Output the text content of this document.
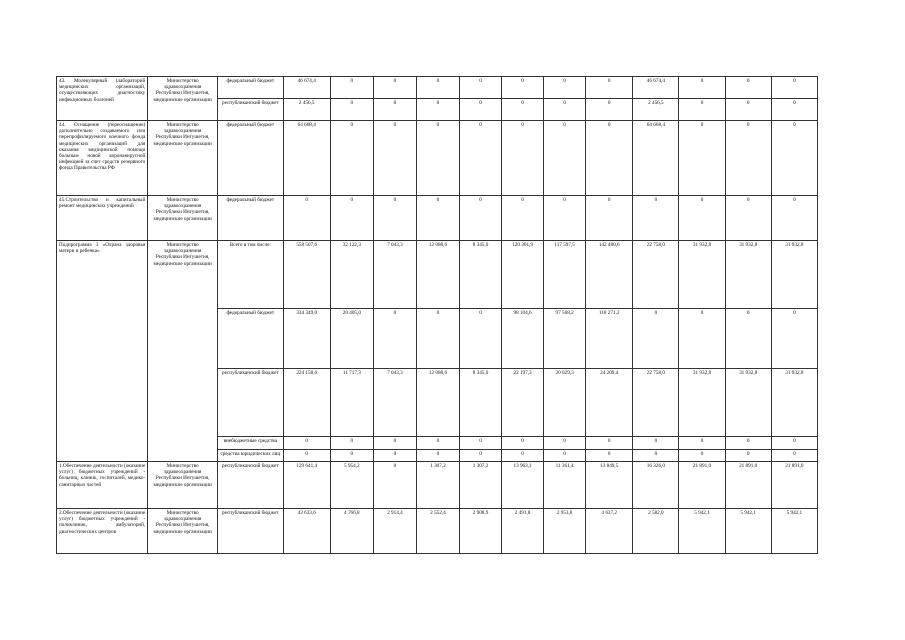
43. Молекулярный (лабораторий медицинских организаций, осуществляющих диагностику инфекционных болезней	Министерство здравоохранения Республики Ингушетия, медицинские организации	федеральный бюджет	46 674,4	0	0	0	0	0	0	0	46 674,4	0	0	0
		республиканский бюджет	2 456,5	0	0	0	0	0	0	0	2 456,5	0	0	0
44. Оснащение (переоснащение) дополнительно создаваемого или перепрофилируемого коечного фонда медицинских организаций для оказания медицинской помощи больным новой коронавирусной инфекцией за счет средств резервного фонда Правительства РФ	Министерство здравоохранения Республики Ингушетия, медицинские организации	федеральный бюджет	64 668,4	0	0	0	0	0	0	0	64 668,4	0	0	0
45.Строительство и капитальный ремонт медицинских учреждений	Министерство здравоохранения Республики Ингушетия, медицинские организации	федеральный бюджет	0	0	0	0	0	0	0	0	0	0	0	0
Подпрограмма 3 «Охрана здоровья матери и ребенка»	Министерство здравоохранения Республики Ингушетия, медицинские организации	Всего в том числе:	558 507,6	32 122,3	7 043,3	12 088,6	8 345,0	120 301,9	117 597,5	142 480,6	22 758,0	31 932,8	31 932,8	31 932,8
		федеральный бюджет	334 349,0	20 405,0	0	0	0	98 104,6	97 568,2	118 271,2	0	0	0	0
		республиканский бюджет	224 158,6	11 717,3	7 043,3	12 088,6	8 345,0	22 197,3	20 029,3	24 209,4	22 758,0	31 932,8	31 932,8	31 932,8
		внебюджетные средства	0	0	0	0	0	0	0	0	0	0	0	0
		средства юридических лиц	0	0	0	0	0	0	0	0	0	0	0	0
1.Обеспечение деятельности (оказание услуг) бюджетных учреждений - больниц, клиник, госпиталей, медико-санитарных частей	Министерство здравоохранения Республики Ингушетия, медицинские организации	республиканский бюджет	129 641,4	5 954,2	0	1 307,2	1 307,2	13 963,1	11 361,4	13 849,5	16 326,0	21 891,0	21 891,0	21 891,0
2.Обеспечение деятельности (оказание услуг) бюджетных учреждений - поликлиник, амбулаторий, диагностических центров	Министерство здравоохранения Республики Ингушетия, медицинские организации	республиканский бюджет	43 633,6	4 766,8	2 914,4	2 552,4	2 908,9	2 491,8	2 953,8	4 637,2	2 582,0	5 942,1	5 942,1	5 942,1
